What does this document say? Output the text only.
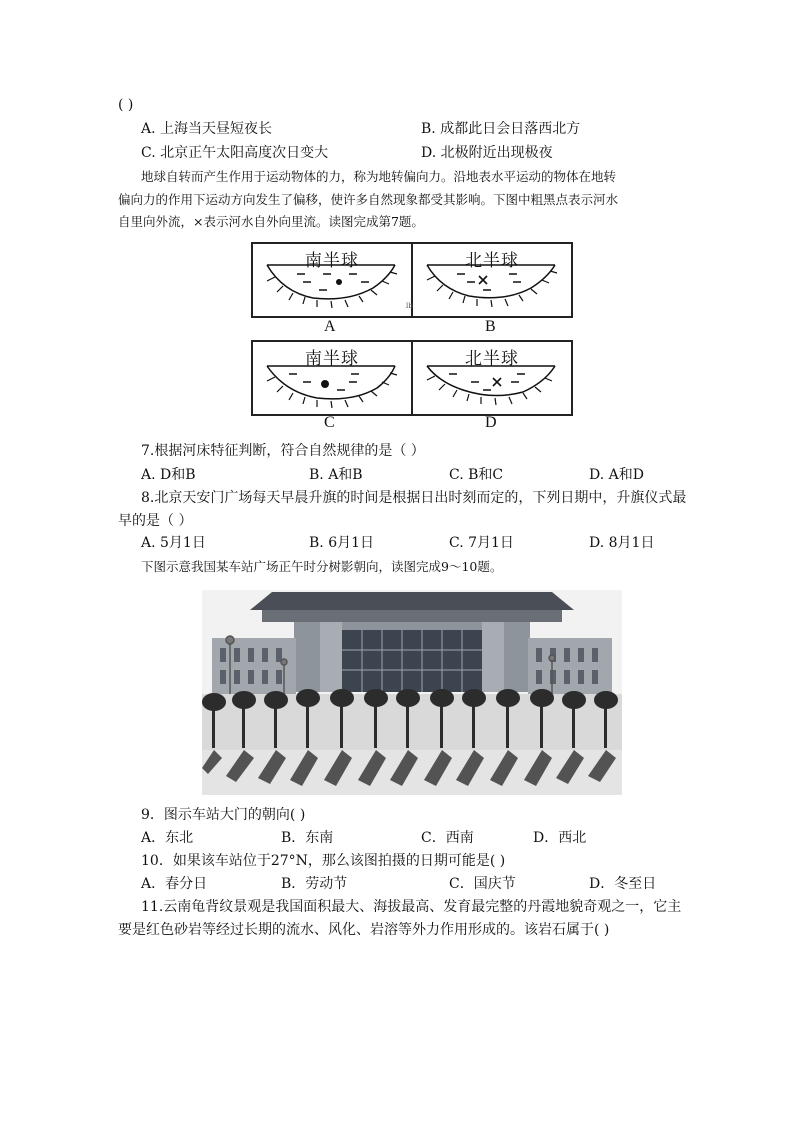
( )
A. 上海当天昼短夜长	B. 成都此日会日落西北方
C. 北京正午太阳高度次日变大	D. 北极附近出现极夜
地球自转而产生作用于运动物体的力，称为地转偏向力。沿地表水平运动的物体在地转
偏向力的作用下运动方向发生了偏移，使许多自然现象都受其影响。下图中粗黑点表示河水
自里向外流，×表示河水自外向里流。读图完成第7题。
南半球	北半球
A	B
lb
南半球	北半球
C	D
7.根据河床特征判断，符合自然规律的是（ ）
A. D和B	B. A和B	C. B和C	D. A和D
8.北京天安门广场每天早晨升旗的时间是根据日出时刻而定的，下列日期中，升旗仪式最
早的是（ ）
A. 5月1日	B. 6月1日	C. 7月1日	D. 8月1日
下图示意我国某车站广场正午时分树影朝向，读图完成9～10题。
9．图示车站大门的朝向( )
A．东北	B．东南	C．西南	D．西北
10．如果该车站位于27°N，那么该图拍摄的日期可能是( )
A．春分日	B．劳动节	C．国庆节	D．冬至日
11.云南龟背纹景观是我国面积最大、海拔最高、发育最完整的丹霞地貌奇观之一，它主
要是红色砂岩等经过长期的流水、风化、岩溶等外力作用形成的。该岩石属于( )
